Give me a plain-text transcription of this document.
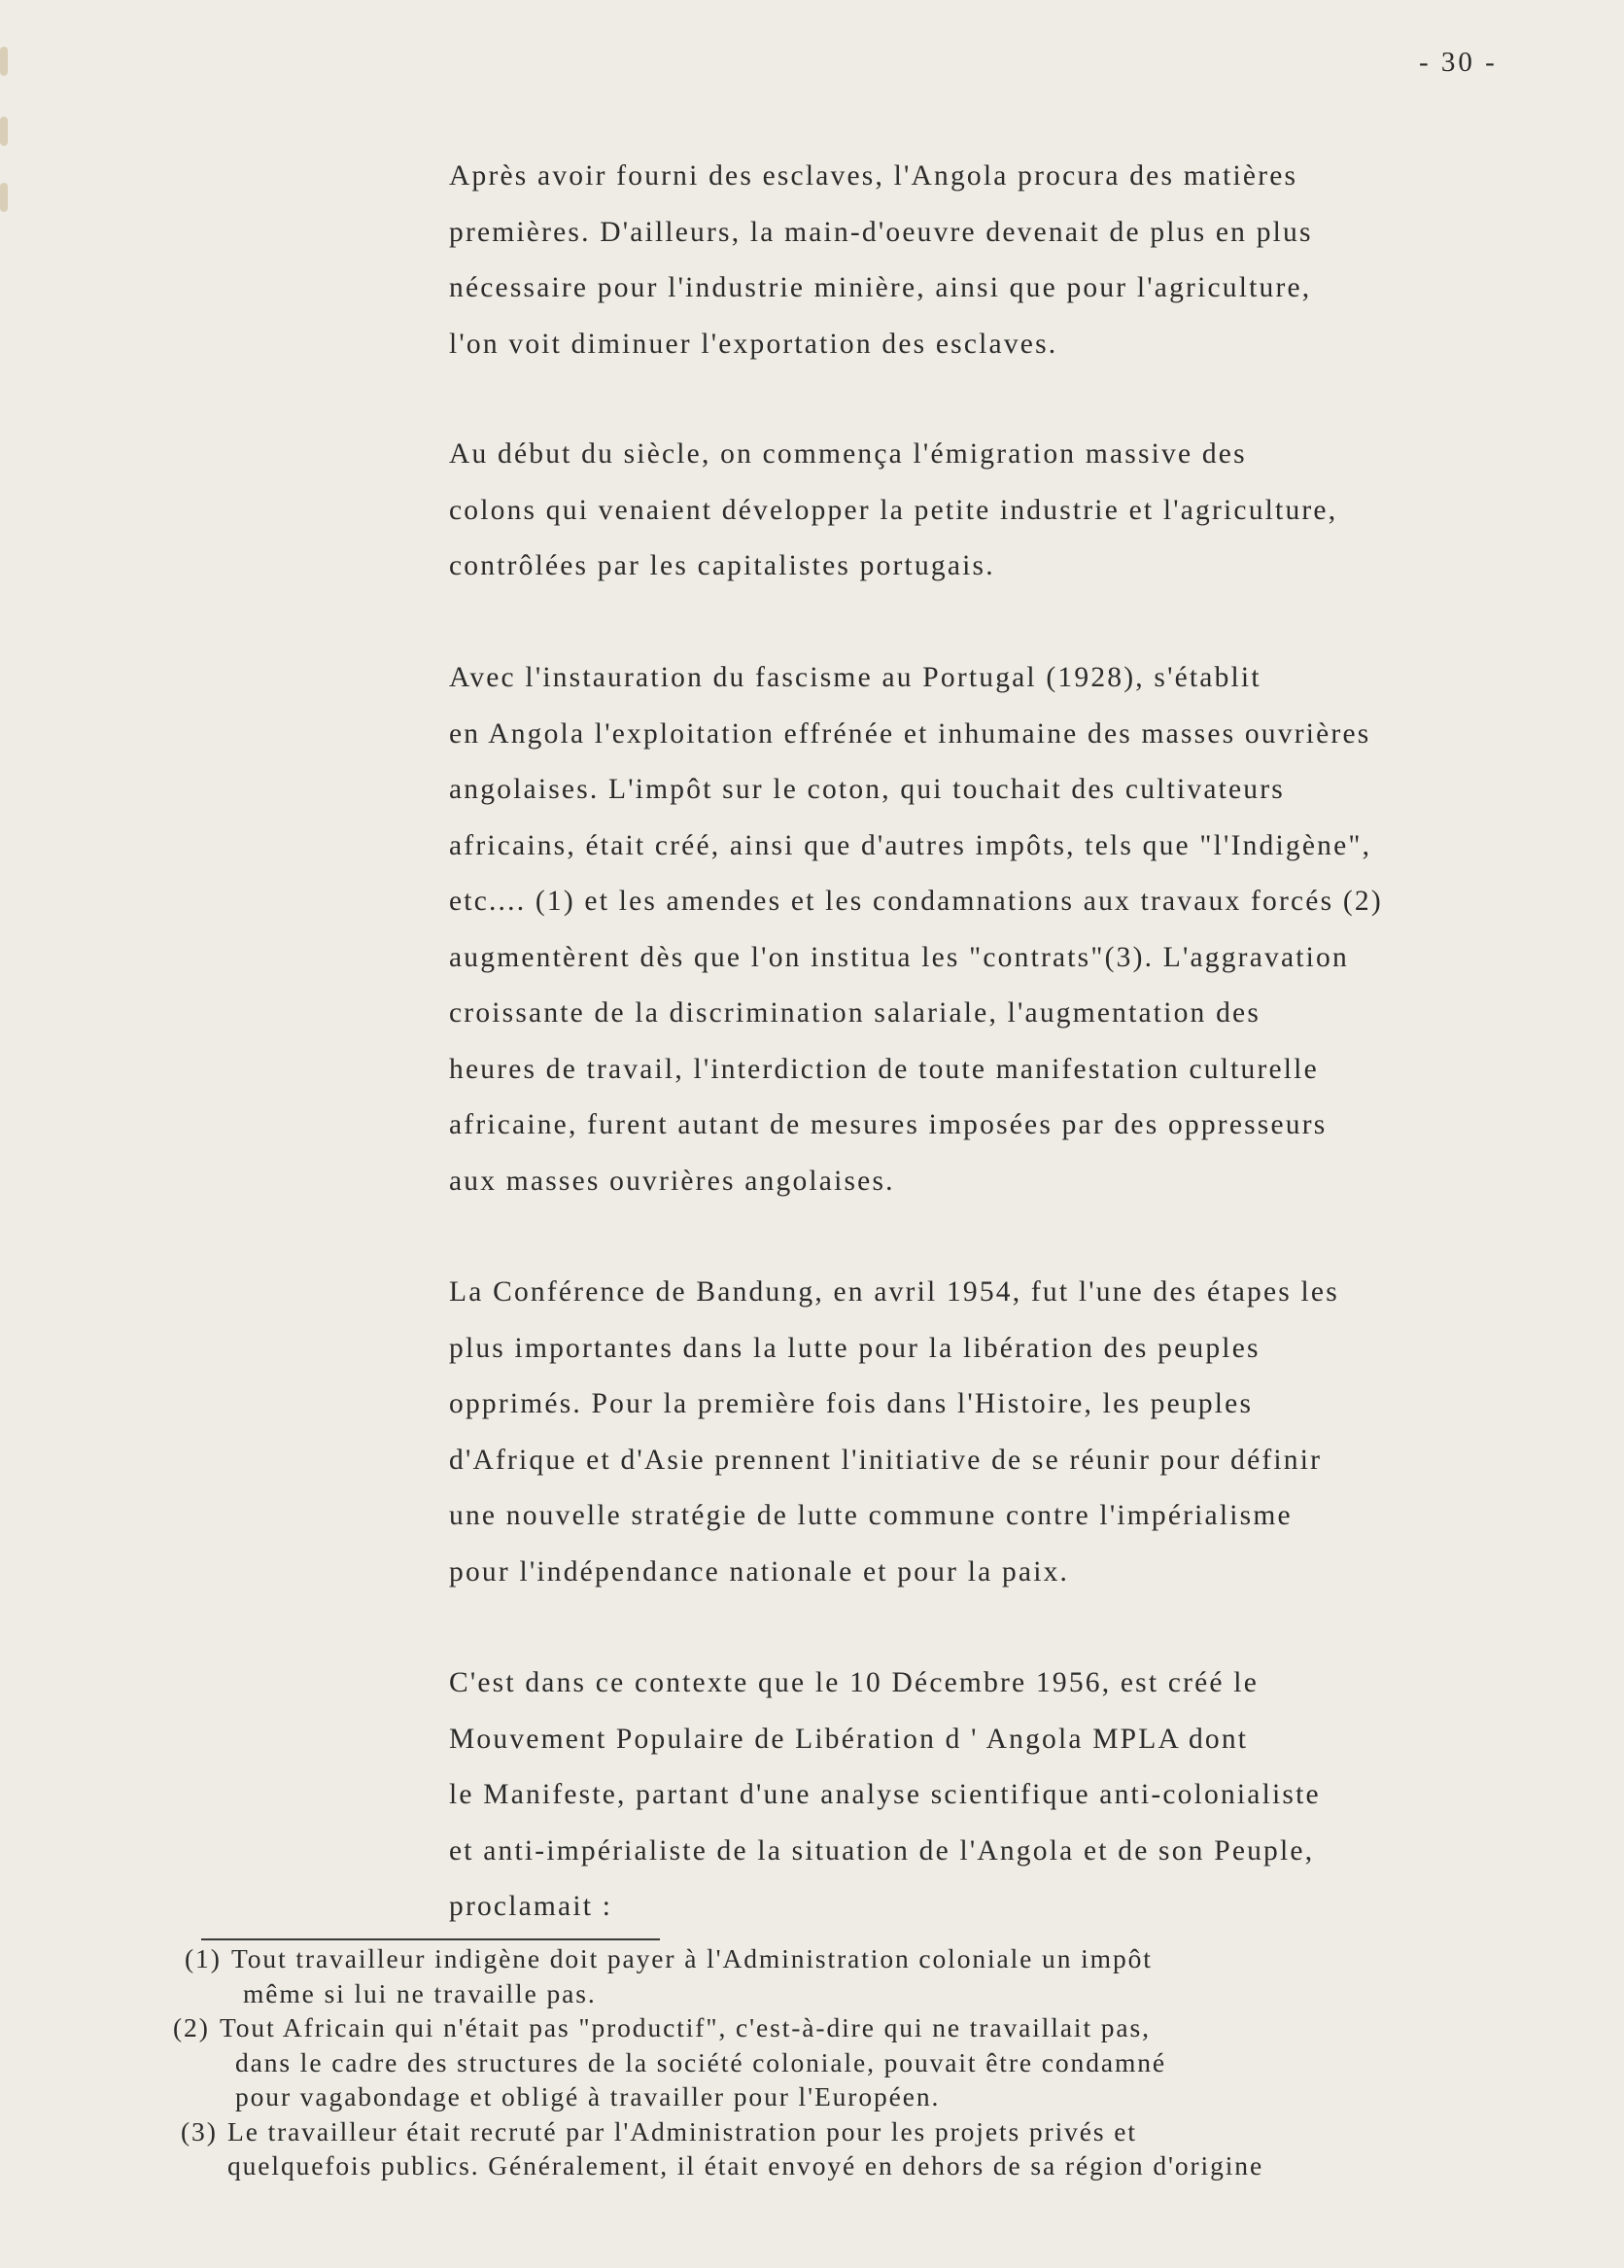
- 30 -
Après avoir fourni des esclaves, l'Angola procura des matières
premières. D'ailleurs, la main-d'oeuvre devenait de plus en plus
nécessaire pour l'industrie minière, ainsi que pour l'agriculture,
l'on voit diminuer l'exportation des esclaves.
Au début du siècle, on commença l'émigration massive des
colons qui venaient développer la petite industrie et l'agriculture,
contrôlées par les capitalistes portugais.
Avec l'instauration du fascisme au Portugal (1928), s'établit
en Angola l'exploitation effrénée et inhumaine des masses ouvrières
angolaises. L'impôt sur le coton, qui touchait des cultivateurs
africains, était créé, ainsi que d'autres impôts, tels que "l'Indigène",
etc.... (1) et les amendes et les condamnations aux travaux forcés (2)
augmentèrent dès que l'on institua les "contrats"(3). L'aggravation
croissante de la discrimination salariale, l'augmentation des
heures de travail, l'interdiction de toute manifestation culturelle
africaine, furent autant de mesures imposées par des oppresseurs
aux masses ouvrières angolaises.
La Conférence de Bandung, en avril 1954, fut l'une des étapes les
plus importantes dans la lutte pour la libération des peuples
opprimés. Pour la première fois dans l'Histoire, les peuples
d'Afrique et d'Asie prennent l'initiative de se réunir pour définir
une nouvelle stratégie de lutte commune contre l'impérialisme
pour l'indépendance nationale et pour la paix.
C'est dans ce contexte que le 10 Décembre 1956, est créé le
Mouvement Populaire de Libération d ' Angola MPLA dont
le Manifeste, partant d'une analyse scientifique anti-colonialiste
et anti-impérialiste de la situation de l'Angola et de son Peuple,
proclamait :
(1) Tout travailleur indigène doit payer à l'Administration coloniale un impôt
même si lui ne travaille pas.
(2) Tout Africain qui n'était pas "productif", c'est-à-dire qui ne travaillait pas,
dans le cadre des structures de la société coloniale, pouvait être condamné
pour vagabondage et obligé à travailler pour l'Européen.
(3) Le travailleur était recruté par l'Administration pour les projets privés et
quelquefois publics. Généralement, il était envoyé en dehors de sa région d'origine
